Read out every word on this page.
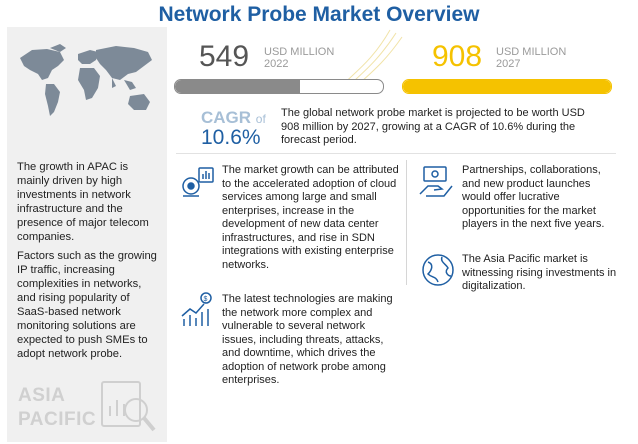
Network Probe Market Overview
The growth in APAC is mainly driven by high investments in network infrastructure and the presence of major telecom companies.
Factors such as the growing IP traffic, increasing complexities in networks, and rising popularity of SaaS-based network monitoring solutions are expected to push SMEs to adopt network probe.
ASIA
PACIFIC
549 USD MILLION
2022	908 USD MILLION
2027
CAGR of
10.6%
The global network probe market is projected to be worth USD 908 million by 2027, growing at a CAGR of 10.6% during the forecast period.
The market growth can be attributed to the accelerated adoption of cloud services among large and small enterprises, increase in the development of new data center infrastructures, and rise in SDN integrations with existing enterprise networks.
$ The latest technologies are making the network more complex and vulnerable to several network issues, including threats, attacks, and downtime, which drives the adoption of network probe among enterprises.
Partnerships, collaborations, and new product launches would offer lucrative opportunities for the market players in the next five years.
The Asia Pacific market is witnessing rising investments in digitalization.
